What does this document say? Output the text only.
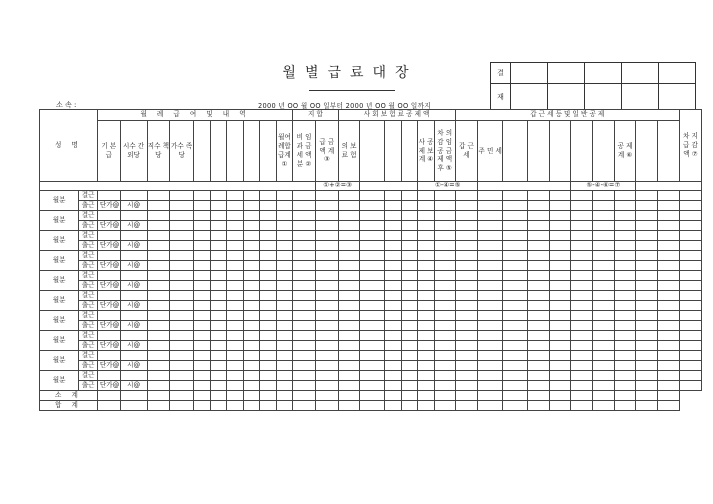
월별급료대장	결					
재					
소 속 :	2000 년 OO 월 OO 일부터 2000 년 OO 월 OO 일까지
성 명		월 례 급 여 및 내 역										지 합		사 회 보 험 료 공 제 액						갑 근 세 등 및 일 반 공 제										차 지 급 감 액 ⑦
		기 본 급	시수 간 외당	직수 책당	가수 족당						월여 례합 급계 ①	비 임 과 금 세 액 분 ②	급 금 액 계 ③	의 보 료 험				사 공 제 보 계 ④	차 의 감 임 공 금 제 액 후 ⑤	갑 근 세	주 민 세						공 제 계 ⑥			
													①+②=③					①-④=⑤							⑤-④-⑥=⑦					
월분	결근																													
	출근	단가@	시@																											
월분	결근																													
	출근	단가@	시@																											
월분	결근																													
	출근	단가@	시@																											
월분	결근																													
	출근	단가@	시@																											
월분	결근																													
	출근	단가@	시@																											
월분	결근																													
	출근	단가@	시@																											
월분	결근																													
	출근	단가@	시@																											
월분	결근																													
	출근	단가@	시@																											
월분	결근																													
	출근	단가@	시@																											
월분	결근																													
	출근	단가@	시@																											
소 계																														
합 계																														
